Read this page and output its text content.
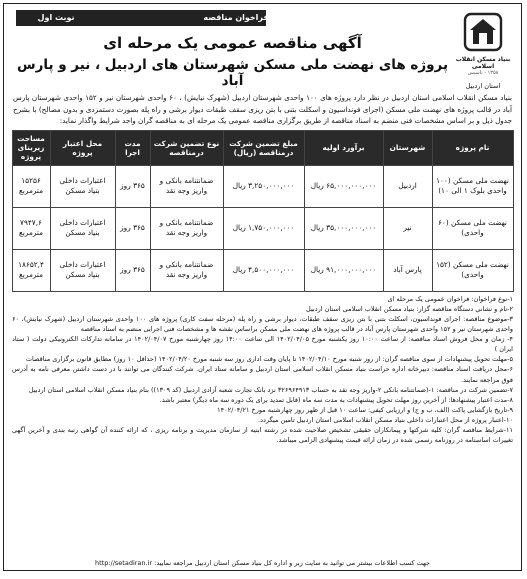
بنیاد مسکن انقلاب اسلامی
۱۳۵۸ - تاسیس
استان اردبیل
فراخوان مناقصه
نوبت اول
آگهی مناقصه عمومی یک مرحله ای
پروژه های نهضت ملی مسکن شهرستان های اردبیل ، نیر و پارس آباد
بنیاد مسکن انقلاب اسلامی استان اردبیل در نظر دارد پروژه های ۱۰۰ واحدی شهرستان اردبیل (شهرک نیایش) ، ۶۰ واحدی شهرستان نیر و ۱۵۲ واحدی شهرستان پارس آباد در قالب پروژه های نهضت ملی مسکن (اجرای فونداسیون و اسکلت بتنی با بتن ریزی سقف طبقات دیوار برشی و راه پله بصورت دستمزدی و بدون مصالح) با بشرح جدول ذیل و بر اساس مشخصات فنی منضم به اسناد مناقصه از طریق برگزاری مناقصه عمومی یک مرحله ای به مناقصه گران واجد شرایط واگذار نماید:
نام پروژه	شهرستان	برآورد اولیه	مبلغ تضمین شرکت درمناقصه (ریال)	نوع تضمین شرکت درمناقصه	مدت اجرا	محل اعتبار پروژه	مساحت زیربنای پروژه
نهضت ملی مسکن (۱۰۰ واحدی بلوک ۱ الی ۱۰)	اردبیل	۶۵,۰۰۰,۰۰۰,۰۰۰ ریال	۳,۲۵۰,۰۰۰,۰۰۰ ریال	ضمانتنامه بانکی و واریز وجه نقد	۳۶۵ روز	اعتبارات داخلی بنیاد مسکن	۱۵۲۵۶ مترمربع
نهضت ملی مسکن (۶۰ واحدی)	نیر	۳۵,۰۰۰,۰۰۰,۰۰۰ ریال	۱,۷۵۰,۰۰۰,۰۰۰ ریال	ضمانتنامه بانکی و واریز وجه نقد	۳۶۵ روز	اعتبارات داخلی بنیاد مسکن	۷۹۴۷,۶ مترمربع
نهضت ملی مسکن (۱۵۲ واحدی)	پارس آباد	۹۱,۰۰۰,۰۰۰,۰۰۰ ریال	۴,۵۰۰,۰۰۰,۰۰۰ ریال	ضمانتنامه بانکی و واریز وجه نقد	۳۶۵ روز	اعتبارات داخلی بنیاد مسکن	۱۸۶۵۲,۴ مترمربع

۱-نوع فراخوان: فراخوان عمومی یک مرحله ای

۲-نام و نشانی دستگاه مناقصه گزار: بنیاد مسکن انقلاب اسلامی استان اردبیل

۳-موضوع مناقصه: اجرای فونداسیون، اسکلت بتنی با بتن ریزی سقف طبقات، دیوار برشی و راه پله (مرحله سفت کاری) پروژه های ۱۰۰ واحدی شهرستان اردبیل (شهرک نیایش)، ۶۰ واحدی شهرستان نیر و ۱۵۲ واحدی شهرستان پارس آباد در قالب پروژه های نهضت ملی مسکن براساس نقشه ها و مشخصات فنی اجرایی منضم به اسناد مناقصه

۴- زمان و محل فروش اسناد مناقصه: از ساعت ۱۰:۰۰ روز یکشنبه مورخ ۱۴۰۲/۰۴/۰۵ الی ساعت ۱۴:۰۰ روز چهارشنبه مورخ ۱۴۰۲/۰۴/۰۷ در سامانه تدارکات الکترونیکی دولت ( ستاد ایران )

۵-مهلت تحویل پیشنهادات از سوی مناقصه گران: از روز شنبه مورخ ۱۴۰۲/۰۴/۱۰ تا پایان وقت اداری روز سه شنبه مورخ ۱۴۰۲/۰۴/۲۰ (حداقل ۱۰ روز) مطابق قانون برگزاری مناقصات

۶-محل دریافت اسناد مناقصه: دبیرخانه اداره حراست بنیاد مسکن انقلاب اسلامی استان اردبیل و سامانه ستاد ایران. شرکت کنندگان می توانند با در دست داشتن معرفی نامه به آدرس فوق مراجعه نمایند.

۷-تضمین شرکت در مناقصه: ۱-(ضمانتنامه بانکی ۲-واریز وجه نقد به حساب ۳۲۶۹۶۴۹۱۳ نزد بانک تجارت شعبه آزادی اردبیل (کد ۱۳۰۹)) بنام بنیاد مسکن انقلاب اسلامی استان اردبیل

۸-مدت اعتبار پیشنهادها: از آخرین روز مهلت تحویل پیشنهادات به مدت سه ماه (قابل تمدید برای یک دوره سه ماه دیگر) معتبر باشد.

۹-تاریخ بازگشایی پاکت (الف، ب و ج) و ارزیابی کیفی: ساعت ۱۰ قبل از ظهر روز چهارشنبه مورخ ۱۴۰۲/۰۴/۲۱

۱۰-اعتبار پروژه از محل اعتبارات داخلی بنیاد مسکن انقلاب اسلامی استان اردبیل تامین میگردد.

۱۱-شرایط مناقصه گران: کلیه شرکتها و پیمانکاران حقیقی تشخیص صلاحیت شده در رشته ابنیه از سازمان مدیریت و برنامه ریزی ، که ارائه کننده آن گواهی رتبه بندی و آخرین آگهی تغییرات اساسنامه در روزنامه رسمی شده در زمان ارائه قیمت پیشنهادی الزامی میباشد.

جهت کسب اطلاعات بیشتر می توانید به سایت زیر و اداره کل بنیاد مسکن استان اردبیل مراجعه نمایید: http://setadiran.ir
